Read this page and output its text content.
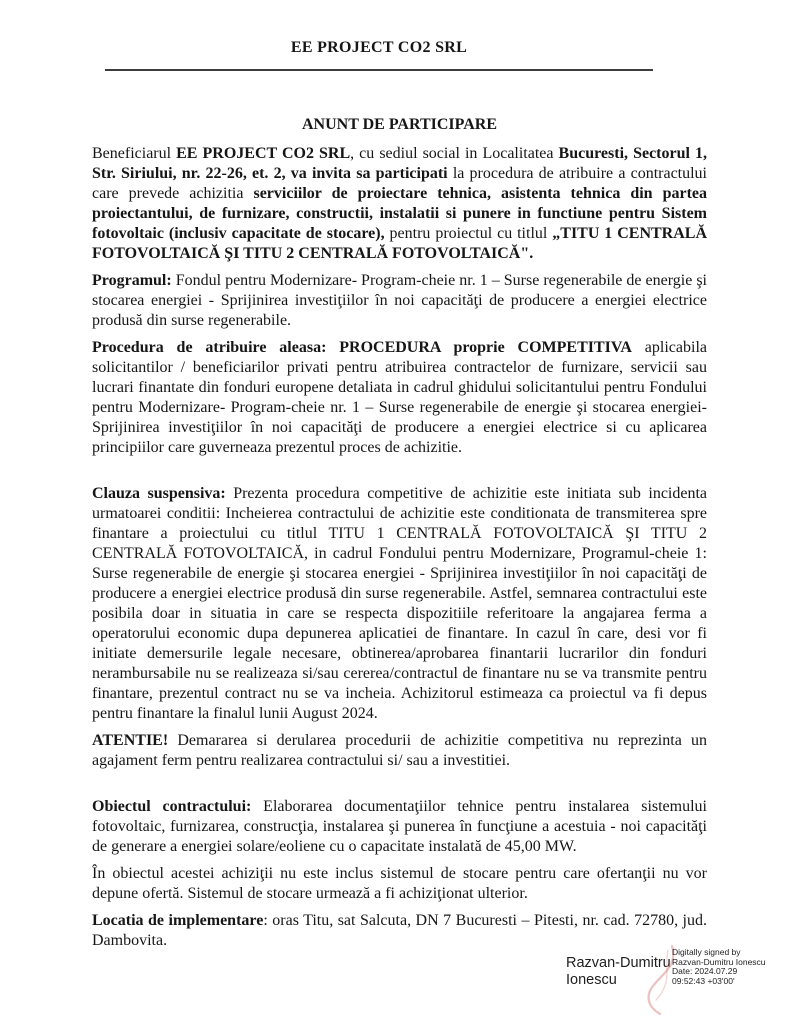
EE PROJECT CO2 SRL
ANUNT DE PARTICIPARE

Beneficiarul EE PROJECT CO2 SRL, cu sediul social in Localitatea Bucuresti, Sectorul 1, Str. Siriului, nr. 22-26, et. 2, va invita sa participati la procedura de atribuire a contractului care prevede achizitia serviciilor de proiectare tehnica, asistenta tehnica din partea proiectantului, de furnizare, constructii, instalatii si punere in functiune pentru Sistem fotovoltaic (inclusiv capacitate de stocare), pentru proiectul cu titlul „TITU 1 CENTRALĂ FOTOVOLTAICĂ ŞI TITU 2 CENTRALĂ FOTOVOLTAICĂ".

Programul: Fondul pentru Modernizare- Program-cheie nr. 1 – Surse regenerabile de energie şi stocarea energiei - Sprijinirea investiţiilor în noi capacităţi de producere a energiei electrice produsă din surse regenerabile.

Procedura de atribuire aleasa: PROCEDURA proprie COMPETITIVA aplicabila solicitantilor / beneficiarilor privati pentru atribuirea contractelor de furnizare, servicii sau lucrari finantate din fonduri europene detaliata in cadrul ghidului solicitantului pentru Fondului pentru Modernizare- Program-cheie nr. 1 – Surse regenerabile de energie şi stocarea energiei-Sprijinirea investiţiilor în noi capacităţi de producere a energiei electrice si cu aplicarea principiilor care guverneaza prezentul proces de achizitie.

Clauza suspensiva: Prezenta procedura competitive de achizitie este initiata sub incidenta urmatoarei conditii: Incheierea contractului de achizitie este conditionata de transmiterea spre finantare a proiectului cu titlul TITU 1 CENTRALĂ FOTOVOLTAICĂ ŞI TITU 2 CENTRALĂ FOTOVOLTAICĂ, in cadrul Fondului pentru Modernizare, Programul-cheie 1: Surse regenerabile de energie şi stocarea energiei - Sprijinirea investiţiilor în noi capacităţi de producere a energiei electrice produsă din surse regenerabile. Astfel, semnarea contractului este posibila doar in situatia in care se respecta dispozitiile referitoare la angajarea ferma a operatorului economic dupa depunerea aplicatiei de finantare. In cazul în care, desi vor fi initiate demersurile legale necesare, obtinerea/aprobarea finantarii lucrarilor din fonduri nerambursabile nu se realizeaza si/sau cererea/contractul de finantare nu se va transmite pentru finantare, prezentul contract nu se va incheia. Achizitorul estimeaza ca proiectul va fi depus pentru finantare la finalul lunii August 2024.

ATENTIE! Demararea si derularea procedurii de achizitie competitiva nu reprezinta un agajament ferm pentru realizarea contractului si/ sau a investitiei.

Obiectul contractului: Elaborarea documentaţiilor tehnice pentru instalarea sistemului fotovoltaic, furnizarea, construcţia, instalarea şi punerea în funcţiune a acestuia - noi capacităţi de generare a energiei solare/eoliene cu o capacitate instalată de 45,00 MW.

În obiectul acestei achiziţii nu este inclus sistemul de stocare pentru care ofertanţii nu vor depune ofertă. Sistemul de stocare urmează a fi achiziţionat ulterior.

Locatia de implementare: oras Titu, sat Salcuta, DN 7 Bucuresti – Pitesti, nr. cad. 72780, jud. Dambovita.

Razvan-Dumitru
Ionescu
Digitally signed by
Razvan-Dumitru Ionescu
Date: 2024.07.29
09:52:43 +03'00'
